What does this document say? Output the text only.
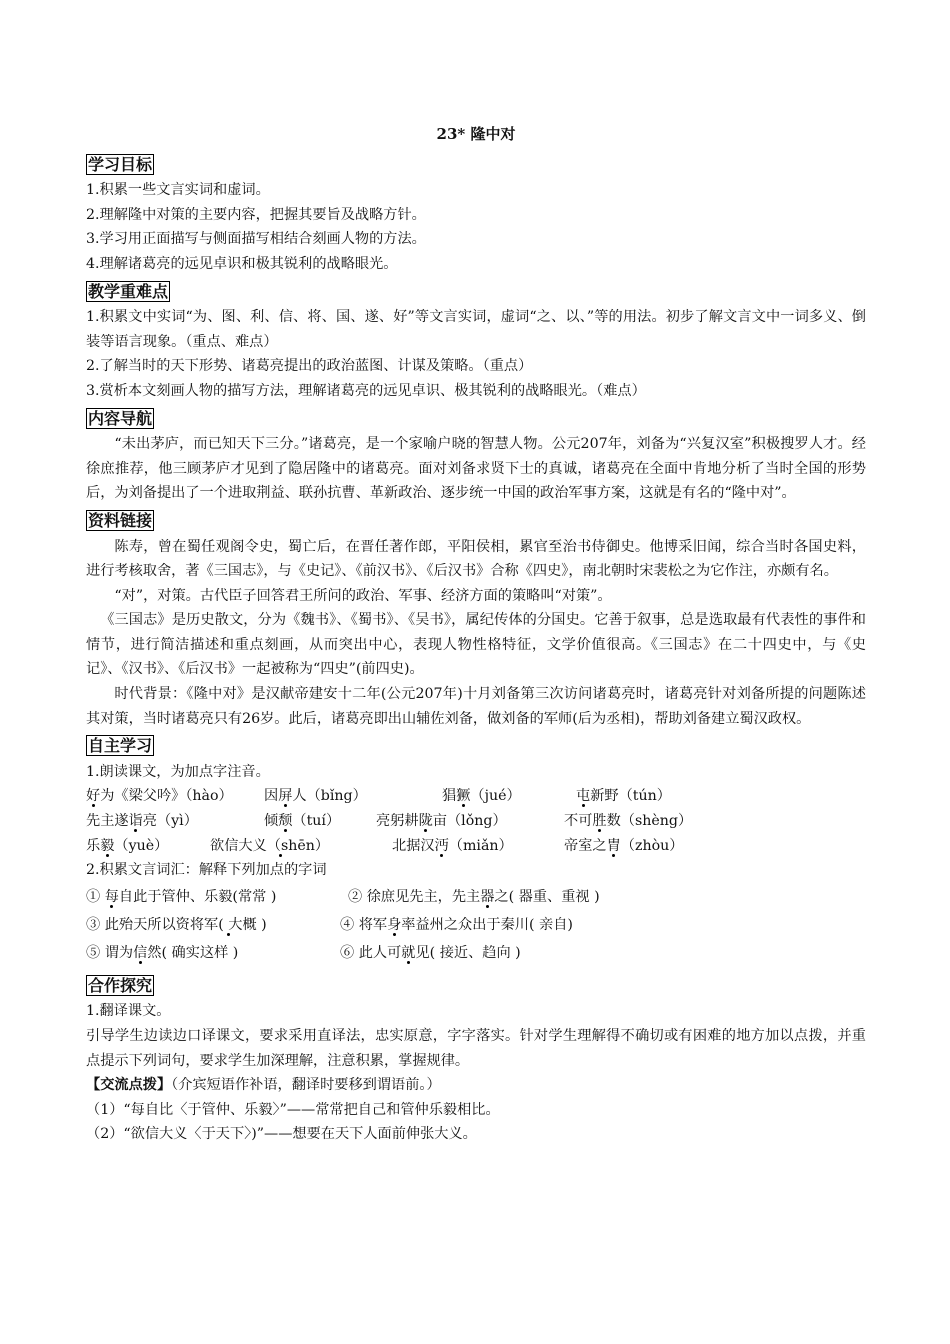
23* 隆中对
学习目标

1.积累一些文言实词和虚词。

2.理解隆中对策的主要内容，把握其要旨及战略方针。

3.学习用正面描写与侧面描写相结合刻画人物的方法。

4.理解诸葛亮的远见卓识和极其锐利的战略眼光。

教学重难点

1.积累文中实词“为、图、利、信、将、国、遂、好”等文言实词，虚词“之、以、”等的用法。初步了解文言文中一词多义、倒装等语言现象。（重点、难点）

2.了解当时的天下形势、诸葛亮提出的政治蓝图、计谋及策略。（重点）

3.赏析本文刻画人物的描写方法，理解诸葛亮的远见卓识、极其锐利的战略眼光。（难点）

内容导航

“未出茅庐，而已知天下三分。”诸葛亮，是一个家喻户晓的智慧人物。公元207年，刘备为“兴复汉室”积极搜罗人才。经徐庶推荐，他三顾茅庐才见到了隐居隆中的诸葛亮。面对刘备求贤下士的真诚，诸葛亮在全面中肯地分析了当时全国的形势后，为刘备提出了一个进取荆益、联孙抗曹、革新政治、逐步统一中国的政治军事方案，这就是有名的“隆中对”。

资料链接

陈寿，曾在蜀任观阁令史，蜀亡后，在晋任著作郎，平阳侯相，累官至治书侍御史。他博采旧闻，综合当时各国史料，进行考核取舍，著《三国志》，与《史记》、《前汉书》、《后汉书》合称《四史》，南北朝时宋裴松之为它作注，亦颇有名。

“对”，对策。古代臣子回答君王所问的政治、军事、经济方面的策略叫“对策”。

《三国志》是历史散文，分为《魏书》、《蜀书》、《吴书》，属纪传体的分国史。它善于叙事，总是选取最有代表性的事件和情节，进行简洁描述和重点刻画，从而突出中心，表现人物性格特征，文学价值很高。《三国志》在二十四史中，与《史记》、《汉书》、《后汉书》一起被称为“四史”(前四史)。

时代背景：《隆中对》是汉献帝建安十二年(公元207年)十月刘备第三次访问诸葛亮时，诸葛亮针对刘备所提的问题陈述其对策，当时诸葛亮只有26岁。此后，诸葛亮即出山辅佐刘备，做刘备的军师(后为丞相)，帮助刘备建立蜀汉政权。

自主学习

1.朗读课文，为加点字注音。

好为《梁父吟》（hào）	因屏人（bǐng）	猖獗（jué）	屯新野（tún）
先主遂诣亮（yì）	倾颓（tuí）	亮躬耕陇亩（lǒng）	不可胜数（shèng）
乐毅（yuè）	欲信大义（shēn）	北据汉沔（miǎn）	帝室之胄（zhòu）

2.积累文言词汇：解释下列加点的字词

① 每自此于管仲、乐毅(常常 )	② 徐庶见先主，先主器之( 器重、重视 )
③ 此殆天所以资将军( 大概 )	④ 将军身率益州之众出于秦川( 亲自)
⑤ 谓为信然( 确实这样 )	⑥ 此人可就见( 接近、趋向 )
合作探究

1.翻译课文。

引导学生边读边口译课文，要求采用直译法，忠实原意，字字落实。针对学生理解得不确切或有困难的地方加以点拨，并重点提示下列词句，要求学生加深理解，注意积累，掌握规律。

【交流点拨】（介宾短语作补语，翻译时要移到谓语前。）

（1）“每自比〈于管仲、乐毅〉”——常常把自己和管仲乐毅相比。

（2）“欲信大义〈于天下〉)”——想要在天下人面前伸张大义。
